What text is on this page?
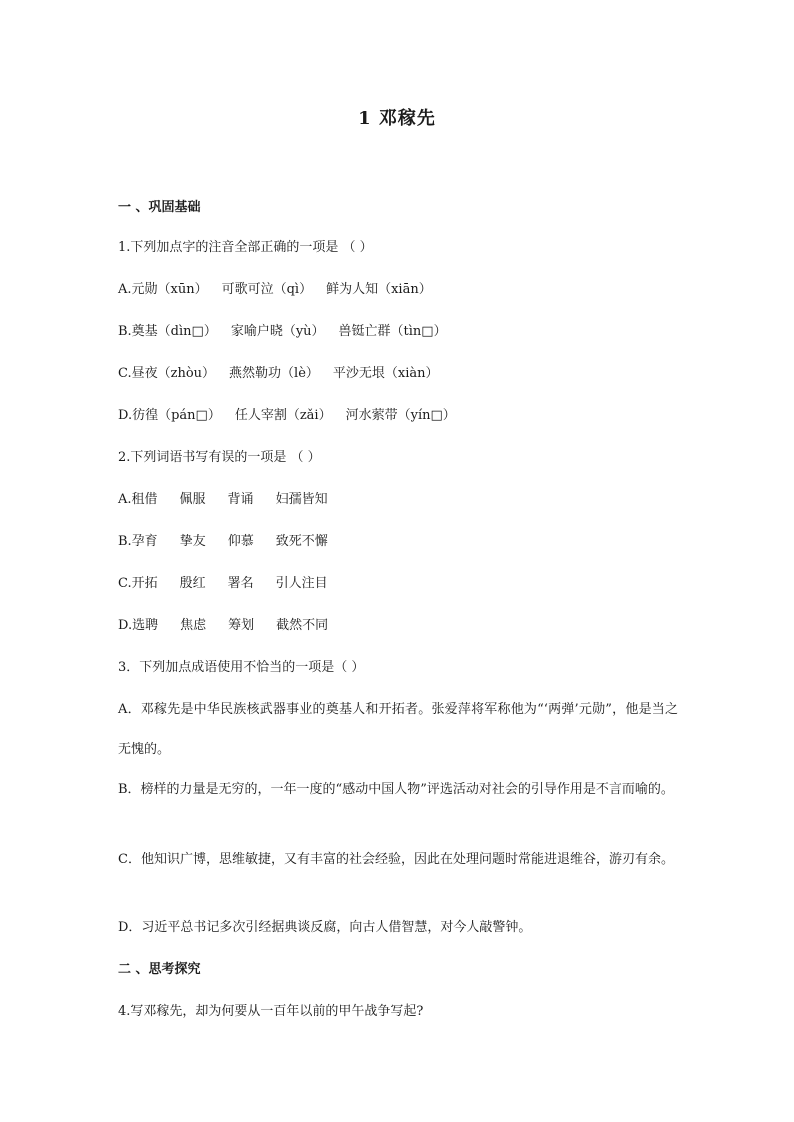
1 邓稼先
一 、巩固基础
1.下列加点字的注音全部正确的一项是 （ ）
A.元勋（xūn） 可歌可泣（qì） 鲜为人知（xiān）
B.奠基（dìn□） 家喻户晓（yù） 兽铤亡群（tìn□）
C.昼夜（zhòu） 燕然勒功（lè） 平沙无垠（xiàn）
D.彷徨（pán□） 任人宰割（zǎi） 河水萦带（yín□）
2.下列词语书写有误的一项是 （ ）
A.租借 佩服 背诵 妇孺皆知
B.孕育 挚友 仰慕 致死不懈
C.开拓 殷红 署名 引人注目
D.选聘 焦虑 筹划 截然不同
3．下列加点成语使用不恰当的一项是（ ）
A．邓稼先是中华民族核武器事业的奠基人和开拓者。张爱萍将军称他为“‘两弹’元勋”，他是当之无愧的。
B．榜样的力量是无穷的，一年一度的“感动中国人物”评选活动对社会的引导作用是不言而喻的。
C．他知识广博，思维敏捷，又有丰富的社会经验，因此在处理问题时常能进退维谷，游刃有余。
D．习近平总书记多次引经据典谈反腐，向古人借智慧，对今人敲警钟。
二 、思考探究
4.写邓稼先，却为何要从一百年以前的甲午战争写起?
